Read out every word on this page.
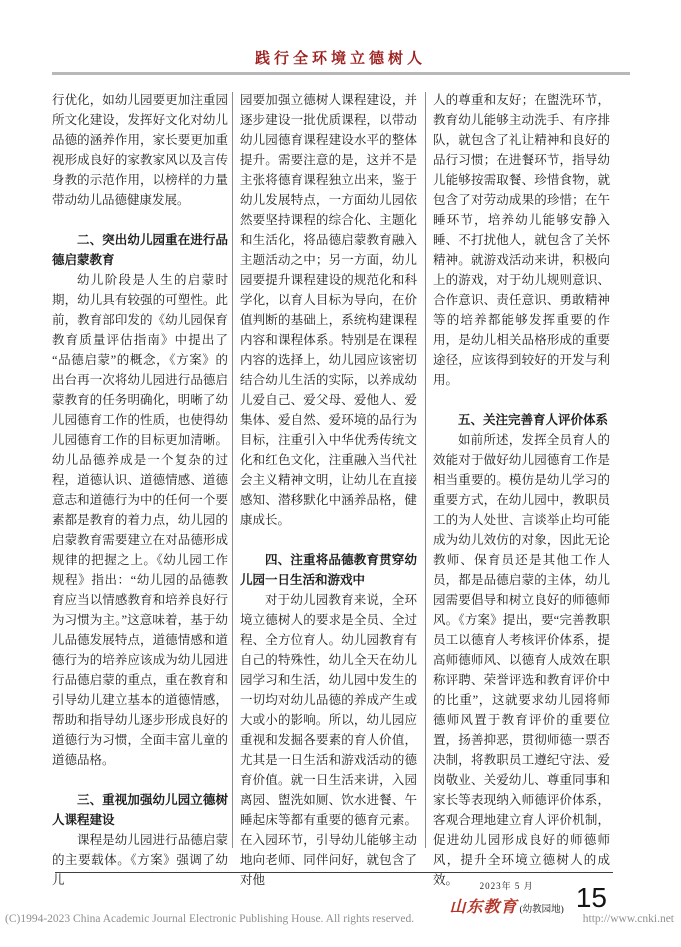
践行全环境立德树人

行优化，如幼儿园要更加注重园所文化建设，发挥好文化对幼儿品德的涵养作用，家长要更加重视形成良好的家教家风以及言传身教的示范作用，以榜样的力量带动幼儿品德健康发展。

二、突出幼儿园重在进行品德启蒙教育

幼儿阶段是人生的启蒙时期，幼儿具有较强的可塑性。此前，教育部印发的《幼儿园保育教育质量评估指南》中提出了“品德启蒙”的概念，《方案》的出台再一次将幼儿园进行品德启蒙教育的任务明确化，明晰了幼儿园德育工作的性质，也使得幼儿园德育工作的目标更加清晰。幼儿品德养成是一个复杂的过程，道德认识、道德情感、道德意志和道德行为中的任何一个要素都是教育的着力点，幼儿园的启蒙教育需要建立在对品德形成规律的把握之上。《幼儿园工作规程》指出：“幼儿园的品德教育应当以情感教育和培养良好行为习惯为主。”这意味着，基于幼儿品德发展特点，道德情感和道德行为的培养应该成为幼儿园进行品德启蒙的重点，重在教育和引导幼儿建立基本的道德情感，帮助和指导幼儿逐步形成良好的道德行为习惯，全面丰富儿童的道德品格。

三、重视加强幼儿园立德树人课程建设

课程是幼儿园进行品德启蒙的主要载体。《方案》强调了幼儿

园要加强立德树人课程建设，并逐步建设一批优质课程，以带动幼儿园德育课程建设水平的整体提升。需要注意的是，这并不是主张将德育课程独立出来，鉴于幼儿发展特点，一方面幼儿园依然要坚持课程的综合化、主题化和生活化，将品德启蒙教育融入主题活动之中；另一方面，幼儿园要提升课程建设的规范化和科学化，以育人目标为导向，在价值判断的基础上，系统构建课程内容和课程体系。特别是在课程内容的选择上，幼儿园应该密切结合幼儿生活的实际，以养成幼儿爱自己、爱父母、爱他人、爱集体、爱自然、爱环境的品行为目标，注重引入中华优秀传统文化和红色文化，注重融入当代社会主义精神文明，让幼儿在直接感知、潜移默化中涵养品格，健康成长。

四、注重将品德教育贯穿幼儿园一日生活和游戏中

对于幼儿园教育来说，全环境立德树人的要求是全员、全过程、全方位育人。幼儿园教育有自己的特殊性，幼儿全天在幼儿园学习和生活，幼儿园中发生的一切均对幼儿品德的养成产生或大或小的影响。所以，幼儿园应重视和发掘各要素的育人价值，尤其是一日生活和游戏活动的德育价值。就一日生活来讲，入园离园、盥洗如厕、饮水进餐、午睡起床等都有重要的德育元素。在入园环节，引导幼儿能够主动地向老师、同伴问好，就包含了对他

人的尊重和友好；在盥洗环节，教育幼儿能够主动洗手、有序排队，就包含了礼让精神和良好的品行习惯；在进餐环节，指导幼儿能够按需取餐、珍惜食物，就包含了对劳动成果的珍惜；在午睡环节，培养幼儿能够安静入睡、不打扰他人，就包含了关怀精神。就游戏活动来讲，积极向上的游戏，对于幼儿规则意识、合作意识、责任意识、勇敢精神等的培养都能够发挥重要的作用，是幼儿相关品格形成的重要途径，应该得到较好的开发与利用。

五、关注完善育人评价体系

如前所述，发挥全员育人的效能对于做好幼儿园德育工作是相当重要的。模仿是幼儿学习的重要方式，在幼儿园中，教职员工的为人处世、言谈举止均可能成为幼儿效仿的对象，因此无论教师、保育员还是其他工作人员，都是品德启蒙的主体，幼儿园需要倡导和树立良好的师德师风。《方案》提出，要“完善教职员工以德育人考核评价体系，提高师德师风、以德育人成效在职称评聘、荣誉评选和教育评价中的比重”，这就要求幼儿园将师德师风置于教育评价的重要位置，扬善抑恶，贯彻师德一票否决制，将教职员工遵纪守法、爱岗敬业、关爱幼儿、尊重同事和家长等表现纳入师德评价体系，客观合理地建立育人评价机制，促进幼儿园形成良好的师德师风，提升全环境立德树人的成效。	2023年 5 月
山东教育 (幼教园地) 15
(C)1994-2023 China Academic Journal Electronic Publishing House. All rights reserved.	http://www.cnki.net
